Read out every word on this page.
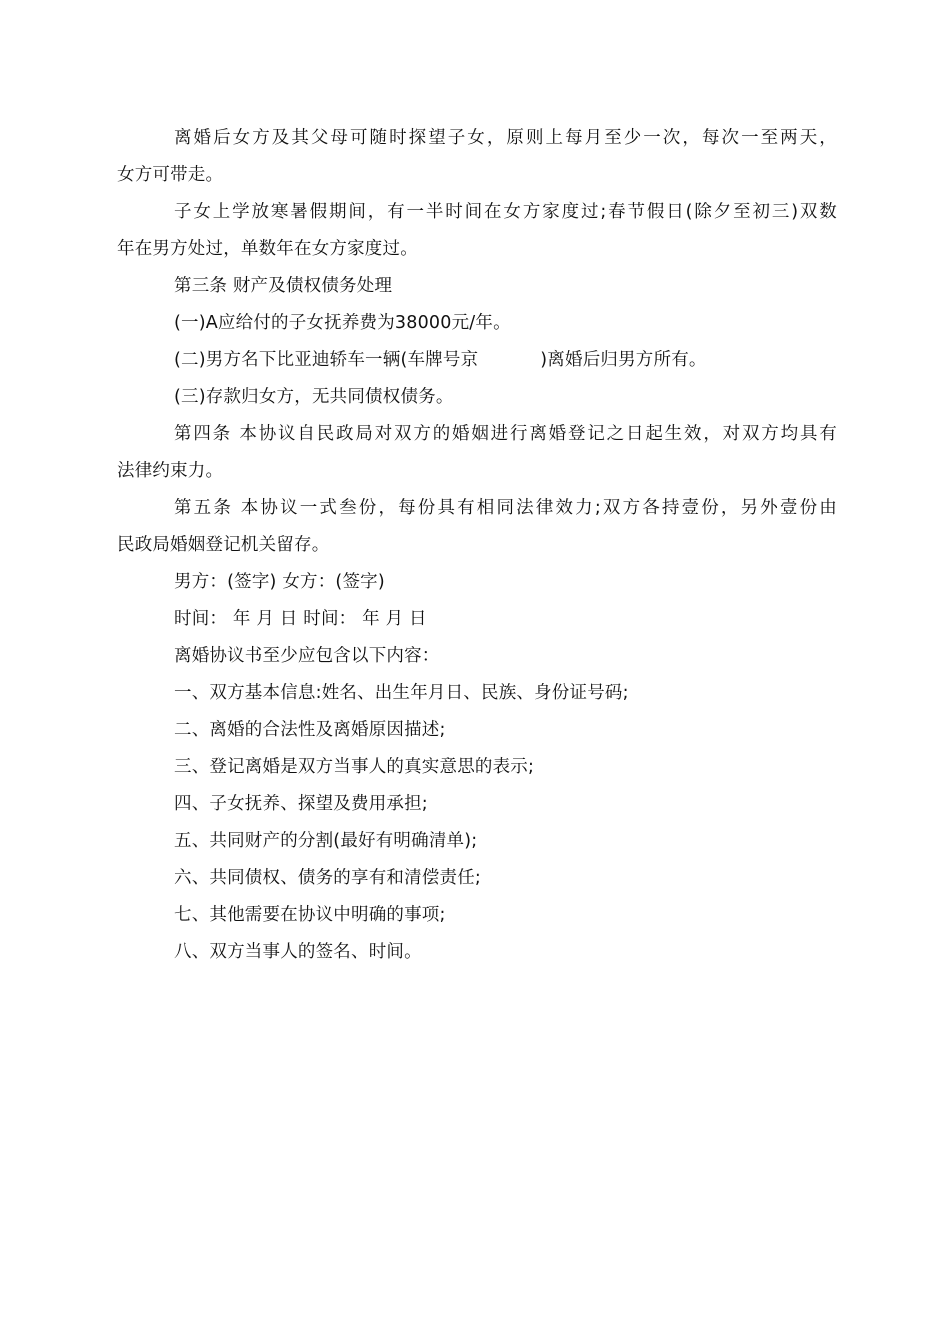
离婚后女方及其父母可随时探望子女，原则上每月至少一次，每次一至两天，
女方可带走。
子女上学放寒暑假期间，有一半时间在女方家度过;春节假日(除夕至初三)双数
年在男方处过，单数年在女方家度过。
第三条 财产及债权债务处理
(一)A应给付的子女抚养费为38000元/年。
(二)男方名下比亚迪轿车一辆(车牌号京	)离婚后归男方所有。
(三)存款归女方，无共同债权债务。
第四条 本协议自民政局对双方的婚姻进行离婚登记之日起生效，对双方均具有
法律约束力。
第五条 本协议一式叁份，每份具有相同法律效力;双方各持壹份，另外壹份由
民政局婚姻登记机关留存。
男方：(签字) 女方：(签字)
时间： 年 月 日 时间： 年 月 日
离婚协议书至少应包含以下内容：
一、双方基本信息:姓名、出生年月日、民族、身份证号码;
二、离婚的合法性及离婚原因描述;
三、登记离婚是双方当事人的真实意思的表示;
四、子女抚养、探望及费用承担;
五、共同财产的分割(最好有明确清单);
六、共同债权、债务的享有和清偿责任;
七、其他需要在协议中明确的事项;
八、双方当事人的签名、时间。
